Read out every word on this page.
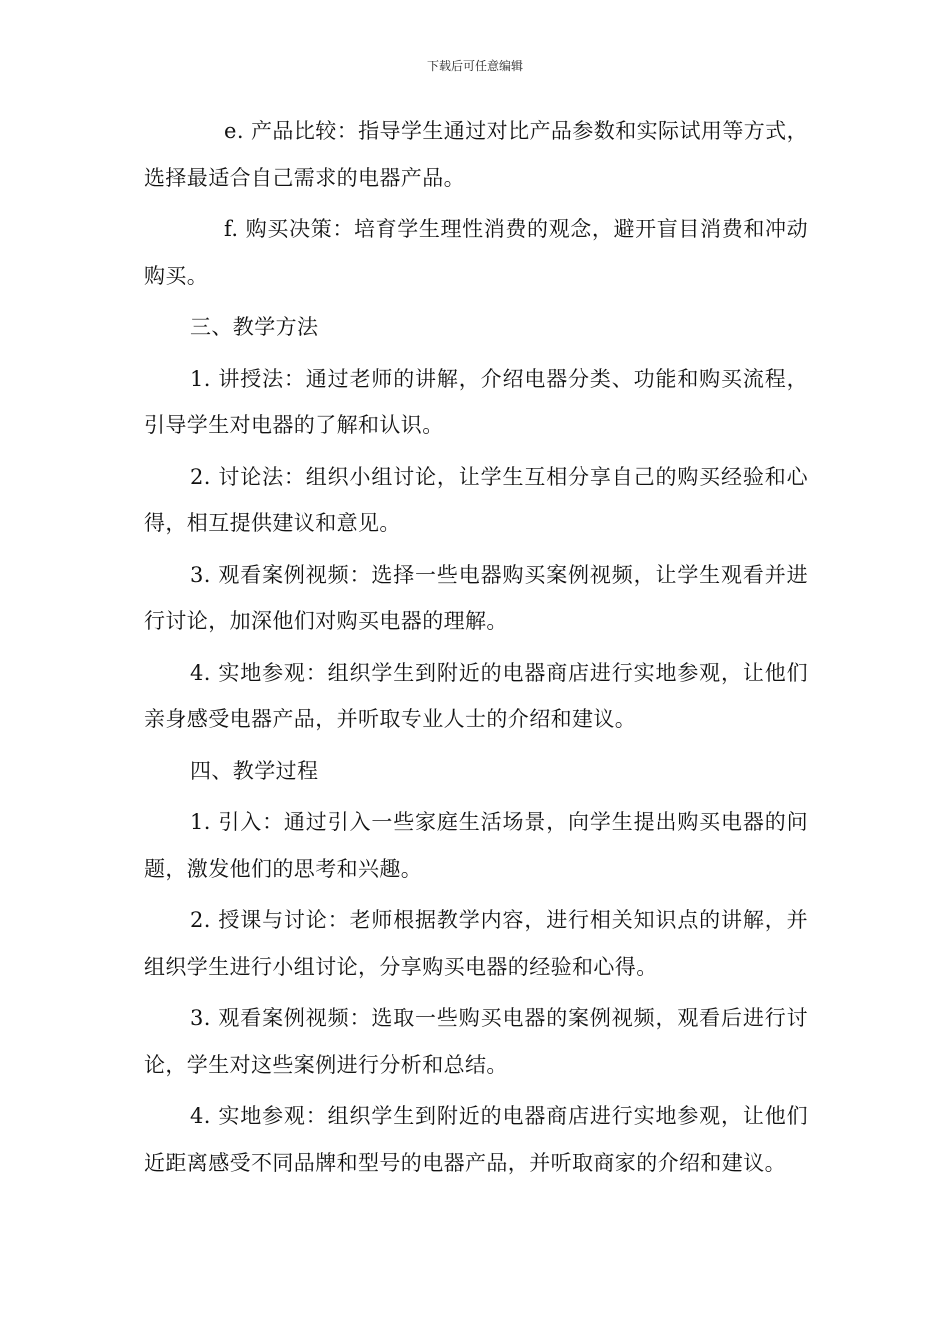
下载后可任意编辑

e. 产品比较：指导学生通过对比产品参数和实际试用等方式，选择最适合自己需求的电器产品。

f. 购买决策：培育学生理性消费的观念，避开盲目消费和冲动购买。

三、教学方法

1. 讲授法：通过老师的讲解，介绍电器分类、功能和购买流程，引导学生对电器的了解和认识。

2. 讨论法：组织小组讨论，让学生互相分享自己的购买经验和心得，相互提供建议和意见。

3. 观看案例视频：选择一些电器购买案例视频，让学生观看并进行讨论，加深他们对购买电器的理解。

4. 实地参观：组织学生到附近的电器商店进行实地参观，让他们亲身感受电器产品，并听取专业人士的介绍和建议。

四、教学过程

1. 引入：通过引入一些家庭生活场景，向学生提出购买电器的问题，激发他们的思考和兴趣。

2. 授课与讨论：老师根据教学内容，进行相关知识点的讲解，并组织学生进行小组讨论，分享购买电器的经验和心得。

3. 观看案例视频：选取一些购买电器的案例视频，观看后进行讨论，学生对这些案例进行分析和总结。

4. 实地参观：组织学生到附近的电器商店进行实地参观，让他们近距离感受不同品牌和型号的电器产品，并听取商家的介绍和建议。
